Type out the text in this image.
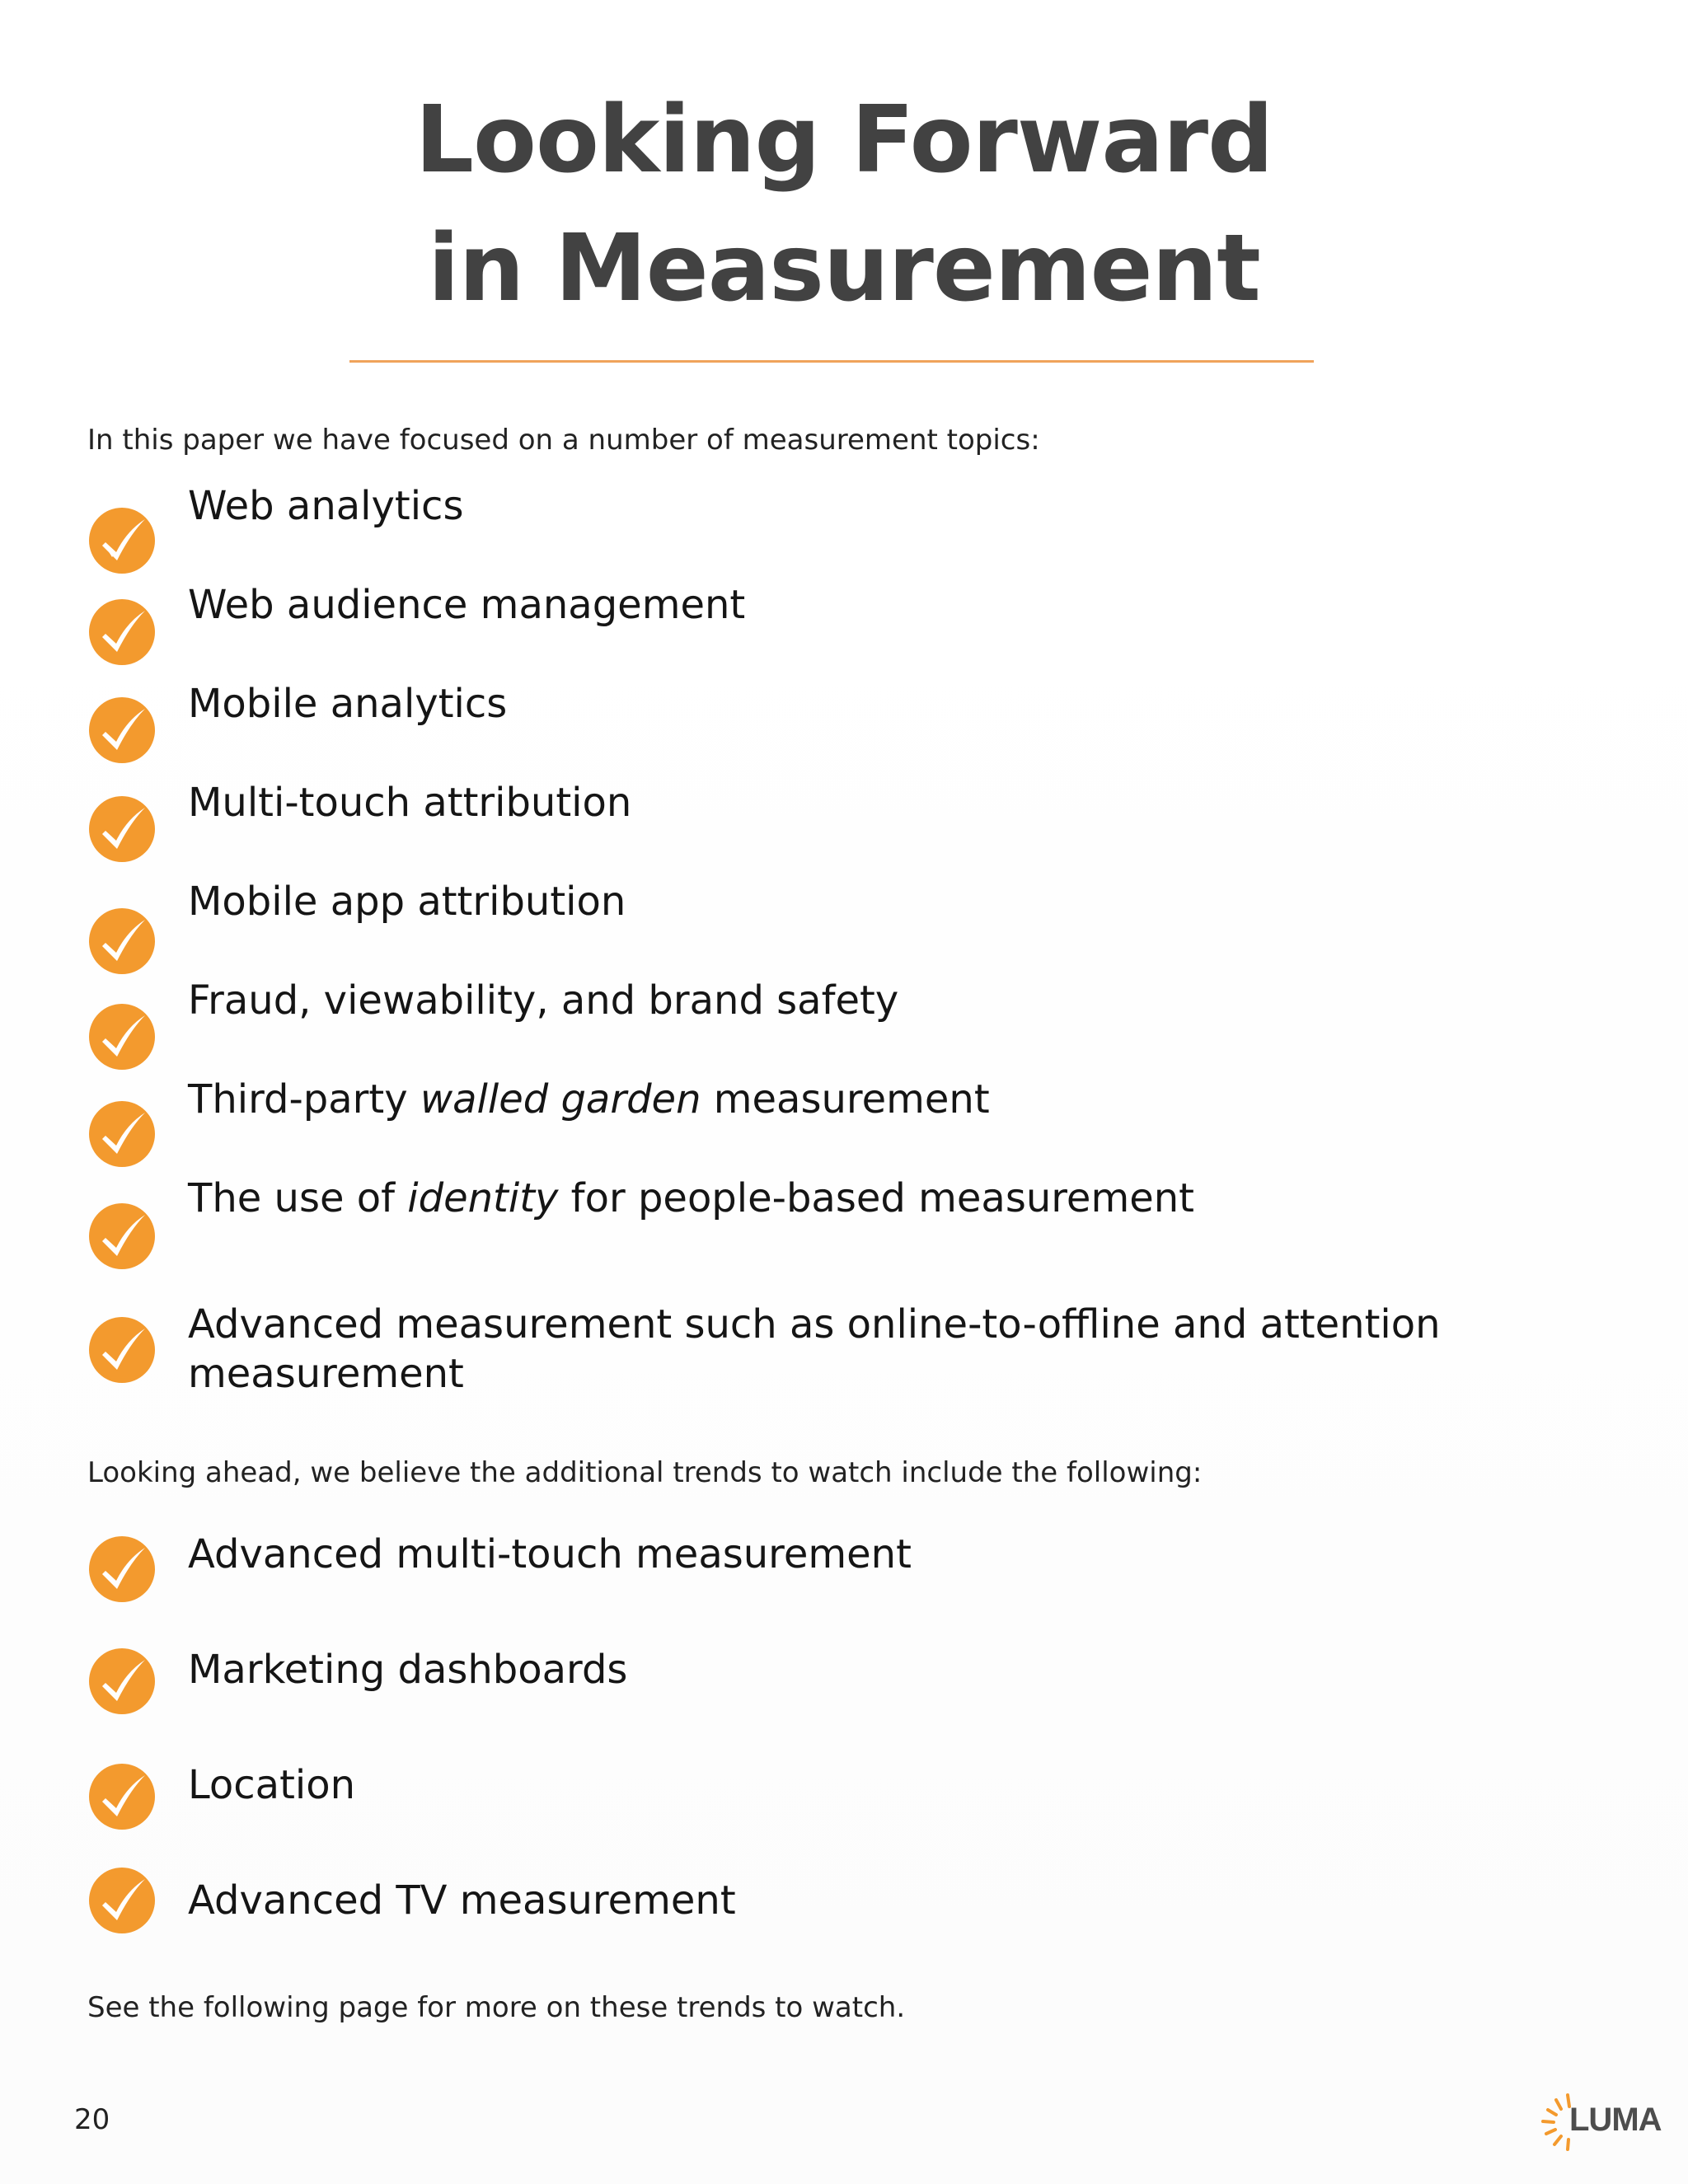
Looking Forward
in Measurement

In this paper we have focused on a number of measurement topics:

Web analytics
Web audience management
Mobile analytics
Multi-touch attribution
Mobile app attribution
Fraud, viewability, and brand safety
Third-party walled garden measurement
The use of identity for people-based measurement
Advanced measurement such as online-to-offline and attention measurement

Looking ahead, we believe the additional trends to watch include the following:

Advanced multi-touch measurement
Marketing dashboards
Location
Advanced TV measurement

See the following page for more on these trends to watch.

20	LUMA
